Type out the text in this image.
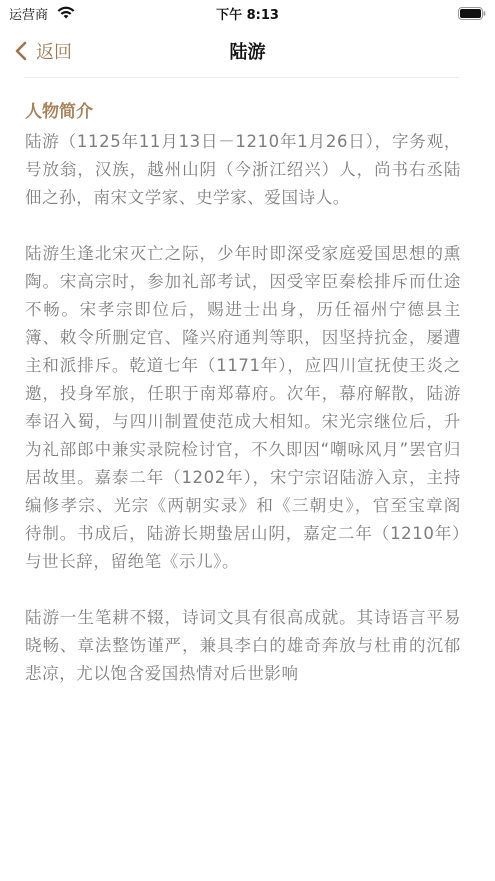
运营商	下午 8:13
返回	陆游
人物简介

陆游（1125年11月13日－1210年1月26日），字务观，号放翁，汉族，越州山阴（今浙江绍兴）人，尚书右丞陆佃之孙，南宋文学家、史学家、爱国诗人。

陆游生逢北宋灭亡之际，少年时即深受家庭爱国思想的熏陶。宋高宗时，参加礼部考试，因受宰臣秦桧排斥而仕途不畅。宋孝宗即位后，赐进士出身，历任福州宁德县主簿、敕令所删定官、隆兴府通判等职，因坚持抗金，屡遭主和派排斥。乾道七年（1171年），应四川宣抚使王炎之邀，投身军旅，任职于南郑幕府。次年，幕府解散，陆游奉诏入蜀，与四川制置使范成大相知。宋光宗继位后，升为礼部郎中兼实录院检讨官，不久即因“嘲咏风月”罢官归居故里。嘉泰二年（1202年），宋宁宗诏陆游入京，主持编修孝宗、光宗《两朝实录》和《三朝史》，官至宝章阁待制。书成后，陆游长期蛰居山阴，嘉定二年（1210年）与世长辞，留绝笔《示儿》。

陆游一生笔耕不辍，诗词文具有很高成就。其诗语言平易晓畅、章法整饬谨严，兼具李白的雄奇奔放与杜甫的沉郁悲凉，尤以饱含爱国热情对后世影响
